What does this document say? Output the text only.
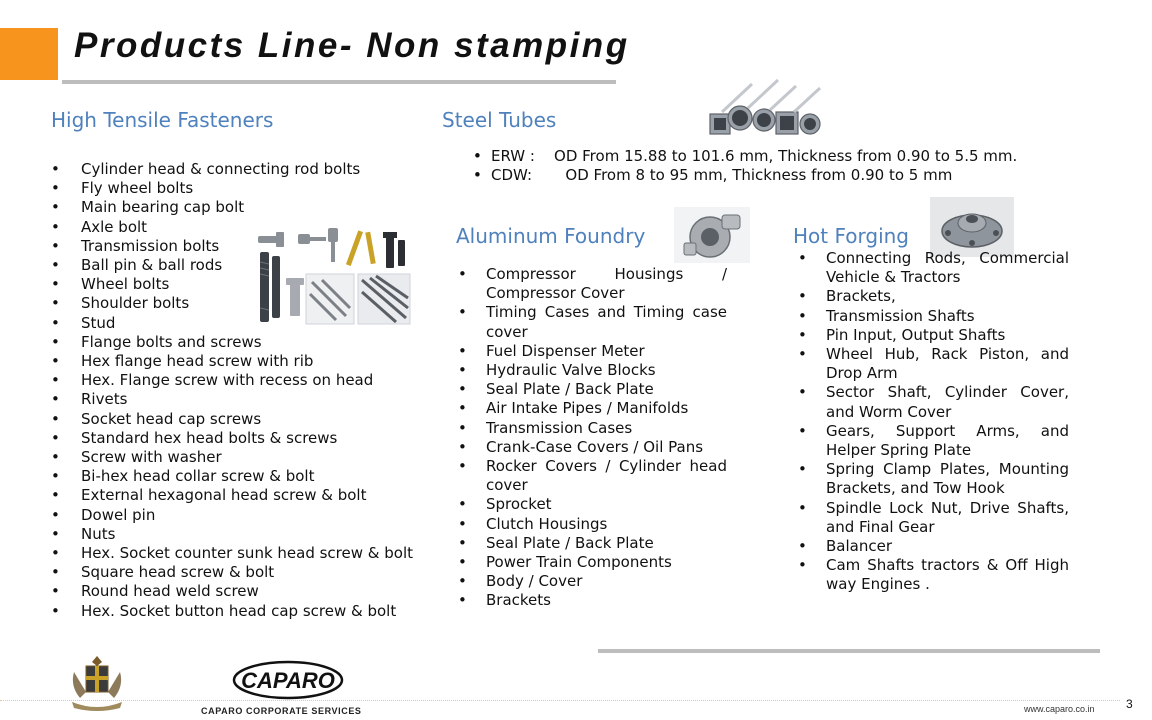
Products Line- Non stamping
High Tensile Fasteners
• Cylinder head & connecting rod bolts
• Fly wheel bolts
• Main bearing cap bolt
• Axle bolt
• Transmission bolts
• Ball pin & ball rods
• Wheel bolts
• Shoulder bolts
• Stud
• Flange bolts and screws
• Hex flange head screw with rib
• Hex. Flange screw with recess on head
• Rivets
• Socket head cap screws
• Standard hex head bolts & screws
• Screw with washer
• Bi-hex head collar screw & bolt
• External hexagonal head screw & bolt
• Dowel pin
• Nuts
• Hex. Socket counter sunk head screw & bolt
• Square head screw & bolt
• Round head weld screw
• Hex. Socket button head cap screw & bolt
Steel Tubes
• • ERW :    OD From 15.88 to 101.6 mm, Thickness from 0.90 to 5.5 mm.
• • CDW:       OD From 8 to 95 mm, Thickness from 0.90 to 5 mm
Aluminum Foundry
• Compressor Housings / Compressor Cover
• Timing Cases and Timing case cover
• Fuel Dispenser Meter
• Hydraulic Valve Blocks
• Seal Plate / Back Plate
• Air Intake Pipes / Manifolds
• Transmission Cases
• Crank-Case Covers / Oil Pans
• Rocker Covers / Cylinder head cover
• Sprocket
• Clutch Housings
• Seal Plate / Back Plate
• Power Train Components
• Body / Cover
• Brackets
Hot Forging
• Connecting Rods, Commercial Vehicle & Tractors
• Brackets,
• Transmission Shafts
• Pin Input, Output Shafts
• Wheel Hub, Rack Piston, and Drop Arm
• Sector Shaft, Cylinder Cover, and Worm Cover
• Gears, Support Arms, and Helper Spring Plate
• Spring Clamp Plates, Mounting Brackets, and Tow Hook
• Spindle Lock Nut, Drive Shafts, and Final Gear
• Balancer
• Cam Shafts tractors & Off High way Engines .
CAPARO
CAPARO CORPORATE SERVICES	www.caparo.co.in	3
